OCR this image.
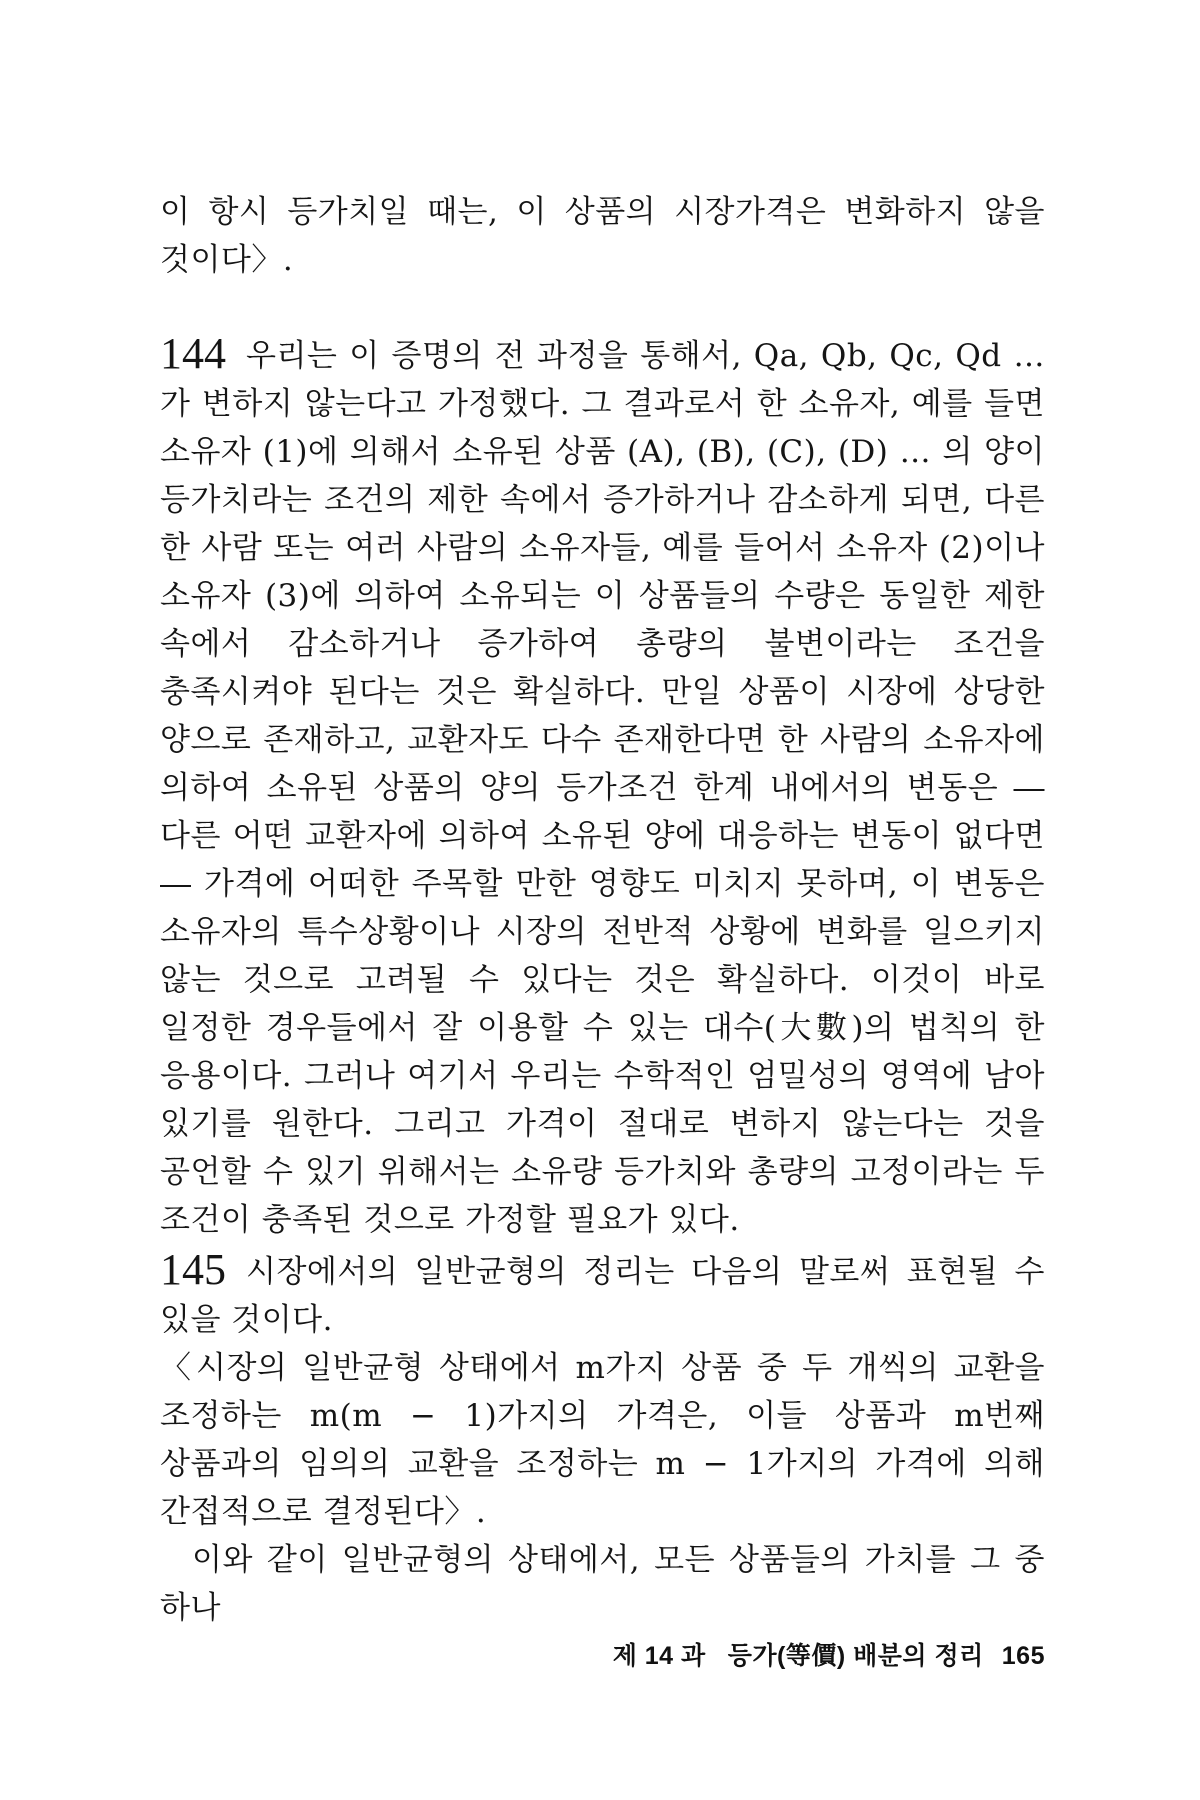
이 항시 등가치일 때는, 이 상품의 시장가격은 변화하지 않을 것이다〉.

144 우리는 이 증명의 전 과정을 통해서, Qa, Qb, Qc, Qd … 가 변하지 않는다고 가정했다. 그 결과로서 한 소유자, 예를 들면 소유자 (1)에 의해서 소유된 상품 (A), (B), (C), (D) … 의 양이 등가치라는 조건의 제한 속에서 증가하거나 감소하게 되면, 다른 한 사람 또는 여러 사람의 소유자들, 예를 들어서 소유자 (2)이나 소유자 (3)에 의하여 소유되는 이 상품들의 수량은 동일한 제한 속에서 감소하거나 증가하여 총량의 불변이라는 조건을 충족시켜야 된다는 것은 확실하다. 만일 상품이 시장에 상당한 양으로 존재하고, 교환자도 다수 존재한다면 한 사람의 소유자에 의하여 소유된 상품의 양의 등가조건 한계 내에서의 변동은 ― 다른 어떤 교환자에 의하여 소유된 양에 대응하는 변동이 없다면 ― 가격에 어떠한 주목할 만한 영향도 미치지 못하며, 이 변동은 소유자의 특수상황이나 시장의 전반적 상황에 변화를 일으키지 않는 것으로 고려될 수 있다는 것은 확실하다. 이것이 바로 일정한 경우들에서 잘 이용할 수 있는 대수(大數)의 법칙의 한 응용이다. 그러나 여기서 우리는 수학적인 엄밀성의 영역에 남아 있기를 원한다. 그리고 가격이 절대로 변하지 않는다는 것을 공언할 수 있기 위해서는 소유량 등가치와 총량의 고정이라는 두 조건이 충족된 것으로 가정할 필요가 있다.

145 시장에서의 일반균형의 정리는 다음의 말로써 표현될 수 있을 것이다.

〈시장의 일반균형 상태에서 m가지 상품 중 두 개씩의 교환을 조정하는 m(m − 1)가지의 가격은, 이들 상품과 m번째 상품과의 임의의 교환을 조정하는 m − 1가지의 가격에 의해 간접적으로 결정된다〉.

이와 같이 일반균형의 상태에서, 모든 상품들의 가치를 그 중 하나

제 14 과 등가(等價) 배분의 정리 165
